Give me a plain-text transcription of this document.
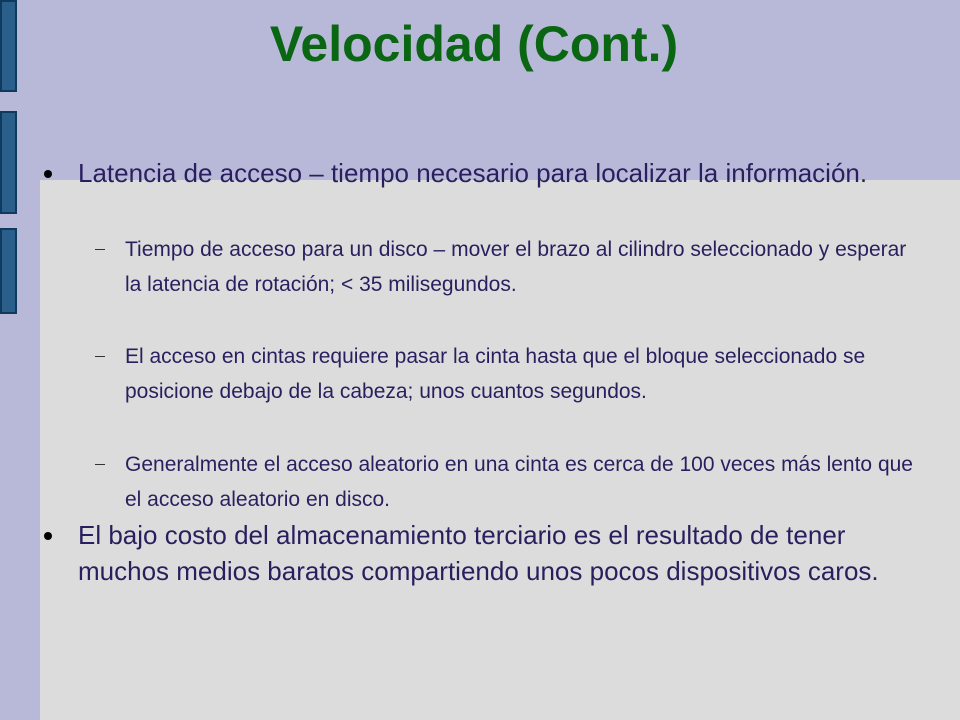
Velocidad (Cont.)
Latencia de acceso – tiempo necesario para localizar la información.
Tiempo de acceso para un disco – mover el brazo al cilindro seleccionado y esperar la latencia de rotación; < 35 milisegundos.
El acceso en cintas requiere pasar la cinta hasta que el bloque seleccionado se posicione debajo de la cabeza; unos cuantos segundos.
Generalmente el acceso aleatorio en una cinta es cerca de 100 veces más lento que el acceso aleatorio en disco.
El bajo costo del almacenamiento terciario es el resultado de tener muchos medios baratos compartiendo unos pocos dispositivos caros.
